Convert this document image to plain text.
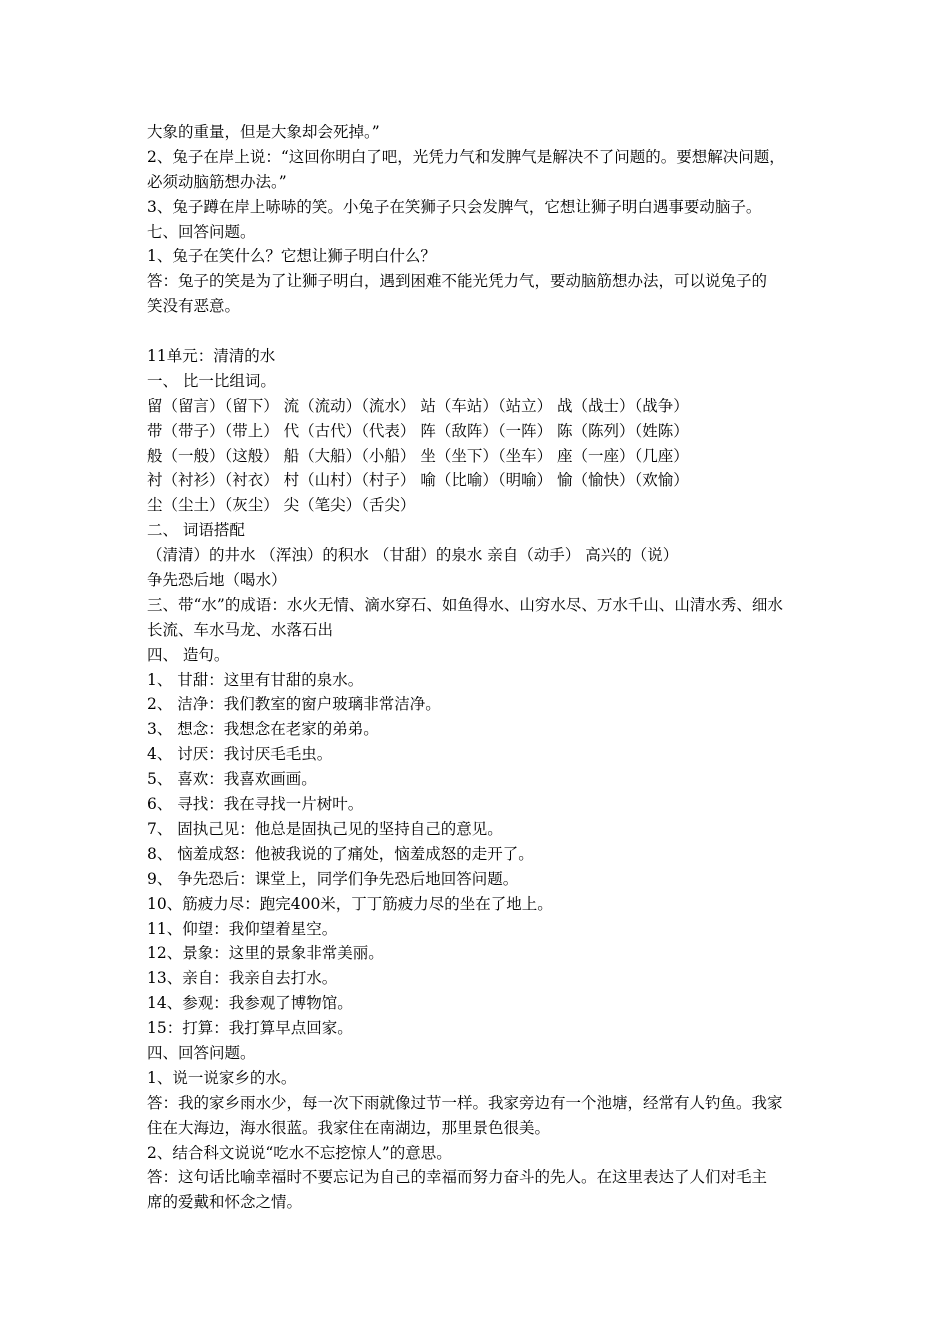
大象的重量，但是大象却会死掉。”
2、兔子在岸上说：“这回你明白了吧，光凭力气和发脾气是解决不了问题的。要想解决问题，
必须动脑筋想办法。”
3、兔子蹲在岸上哧哧的笑。小兔子在笑狮子只会发脾气，它想让狮子明白遇事要动脑子。
七、回答问题。
1、兔子在笑什么？它想让狮子明白什么？
答：兔子的笑是为了让狮子明白，遇到困难不能光凭力气，要动脑筋想办法，可以说兔子的
笑没有恶意。
11单元：清清的水
一、 比一比组词。
留（留言）（留下） 流（流动）（流水） 站（车站）（站立） 战（战士）（战争）
带（带子）（带上） 代（古代）（代表） 阵（敌阵）（一阵） 陈（陈列）（姓陈）
般（一般）（这般） 船（大船）（小船） 坐（坐下）（坐车） 座（一座）（几座）
衬（衬衫）（衬衣） 村（山村）（村子） 喻（比喻）（明喻） 愉（愉快）（欢愉）
尘（尘土）（灰尘） 尖（笔尖）（舌尖）
二、 词语搭配
（清清）的井水 （浑浊）的积水 （甘甜）的泉水 亲自（动手） 高兴的（说）
争先恐后地（喝水）
三、带“水”的成语：水火无情、滴水穿石、如鱼得水、山穷水尽、万水千山、山清水秀、细水
长流、车水马龙、水落石出
四、 造句。
1、 甘甜：这里有甘甜的泉水。
2、 洁净：我们教室的窗户玻璃非常洁净。
3、 想念：我想念在老家的弟弟。
4、 讨厌：我讨厌毛毛虫。
5、 喜欢：我喜欢画画。
6、 寻找：我在寻找一片树叶。
7、 固执己见：他总是固执己见的坚持自己的意见。
8、 恼羞成怒：他被我说的了痛处，恼羞成怒的走开了。
9、 争先恐后：课堂上，同学们争先恐后地回答问题。
10、筋疲力尽：跑完400米，丁丁筋疲力尽的坐在了地上。
11、仰望：我仰望着星空。
12、景象：这里的景象非常美丽。
13、亲自：我亲自去打水。
14、参观：我参观了博物馆。
15：打算：我打算早点回家。
四、回答问题。
1、说一说家乡的水。
答：我的家乡雨水少，每一次下雨就像过节一样。我家旁边有一个池塘，经常有人钓鱼。我家
住在大海边，海水很蓝。我家住在南湖边，那里景色很美。
2、结合科文说说“吃水不忘挖惊人”的意思。
答：这句话比喻幸福时不要忘记为自己的幸福而努力奋斗的先人。在这里表达了人们对毛主
席的爱戴和怀念之情。
